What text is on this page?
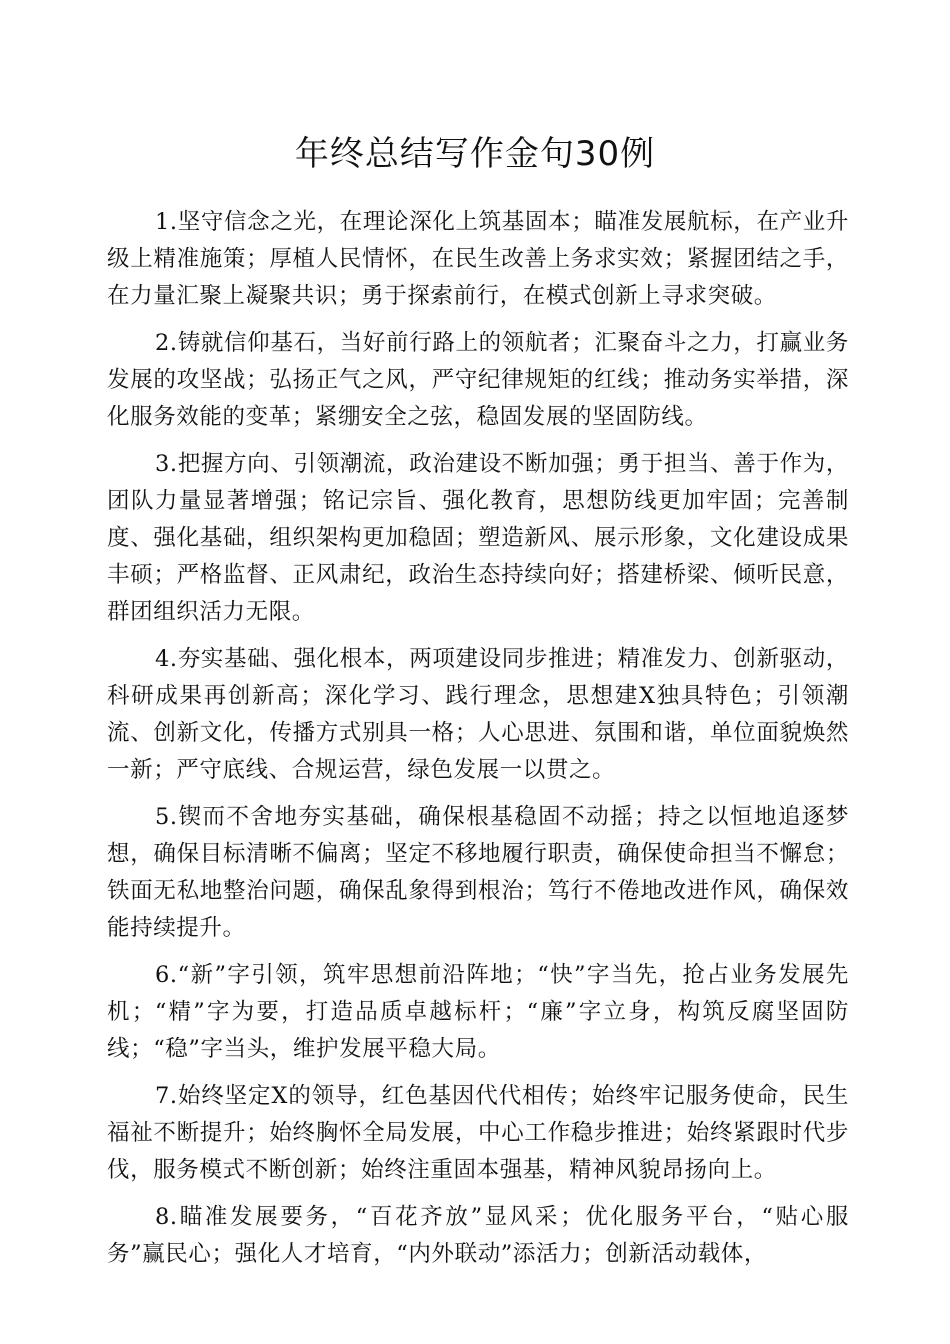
年终总结写作金句30例

1.坚守信念之光，在理论深化上筑基固本；瞄准发展航标，在产业升级上精准施策；厚植人民情怀，在民生改善上务求实效；紧握团结之手，在力量汇聚上凝聚共识；勇于探索前行，在模式创新上寻求突破。

2.铸就信仰基石，当好前行路上的领航者；汇聚奋斗之力，打赢业务发展的攻坚战；弘扬正气之风，严守纪律规矩的红线；推动务实举措，深化服务效能的变革；紧绷安全之弦，稳固发展的坚固防线。

3.把握方向、引领潮流，政治建设不断加强；勇于担当、善于作为，团队力量显著增强；铭记宗旨、强化教育，思想防线更加牢固；完善制度、强化基础，组织架构更加稳固；塑造新风、展示形象，文化建设成果丰硕；严格监督、正风肃纪，政治生态持续向好；搭建桥梁、倾听民意，群团组织活力无限。

4.夯实基础、强化根本，两项建设同步推进；精准发力、创新驱动，科研成果再创新高；深化学习、践行理念，思想建X独具特色；引领潮流、创新文化，传播方式别具一格；人心思进、氛围和谐，单位面貌焕然一新；严守底线、合规运营，绿色发展一以贯之。

5.锲而不舍地夯实基础，确保根基稳固不动摇；持之以恒地追逐梦想，确保目标清晰不偏离；坚定不移地履行职责，确保使命担当不懈怠；铁面无私地整治问题，确保乱象得到根治；笃行不倦地改进作风，确保效能持续提升。

6.“新”字引领，筑牢思想前沿阵地；“快”字当先，抢占业务发展先机；“精”字为要，打造品质卓越标杆；“廉”字立身，构筑反腐坚固防线；“稳”字当头，维护发展平稳大局。

7.始终坚定X的领导，红色基因代代相传；始终牢记服务使命，民生福祉不断提升；始终胸怀全局发展，中心工作稳步推进；始终紧跟时代步伐，服务模式不断创新；始终注重固本强基，精神风貌昂扬向上。

8.瞄准发展要务，“百花齐放”显风采；优化服务平台，“贴心服务”赢民心；强化人才培育，“内外联动”添活力；创新活动载体，
